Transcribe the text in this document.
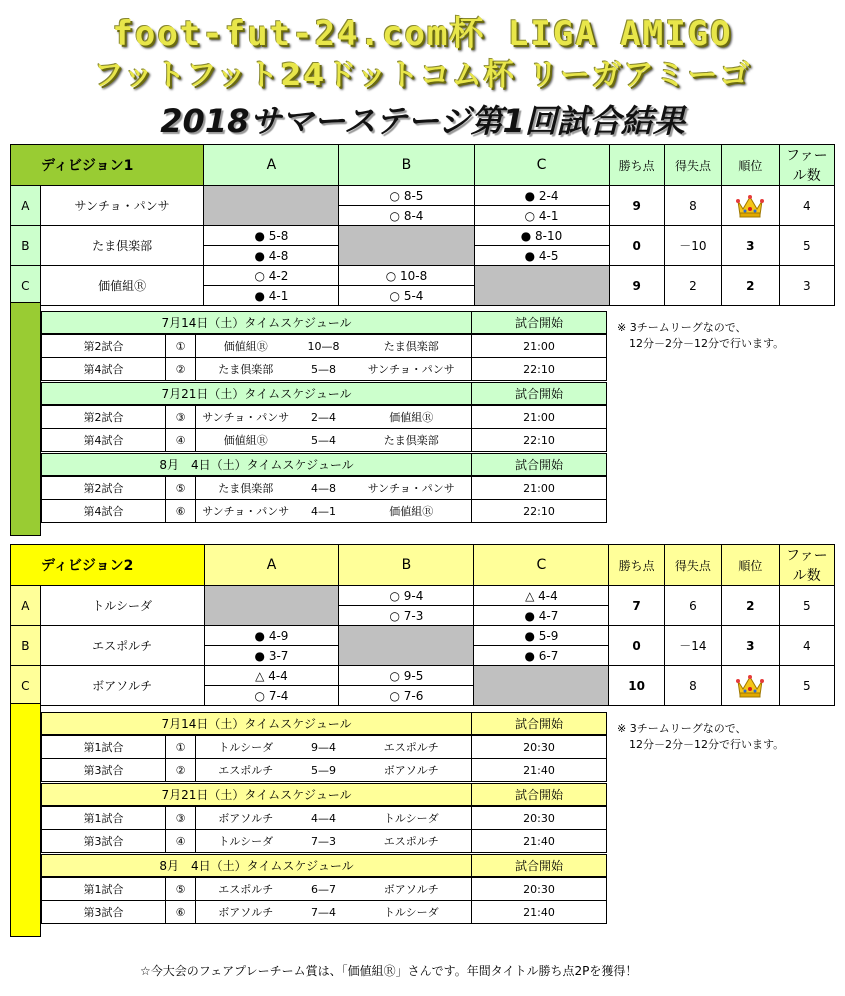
foot-fut-24.com杯 LIGA AMIGO
フットフット24ドットコム杯 リーガアミーゴ
2018サマーステージ第1回試合結果
ディビジョン1		A	B	C	勝ち点	得失点	順位	ファール数
A	サンチョ・パンサ		○ 8-5	● 2-4	9	8		4
			○ 8-4	○ 4-1				
B	たま倶楽部	● 5-8		● 8-10	0	－10	3	5
		● 4-8		● 4-5				
C	価値組Ⓡ	○ 4-2	○ 10-8		9	2	2	3
		● 4-1	○ 5-4					
7月14日（土）タイムスケジュール	試合開始
第2試合	①	価値組Ⓡ	10—8	たま倶楽部	21:00
第4試合	②	たま倶楽部	5—8	サンチョ・パンサ	22:10
7月21日（土）タイムスケジュール	試合開始
第2試合	③	サンチョ・パンサ	2—4	価値組Ⓡ	21:00
第4試合	④	価値組Ⓡ	5—4	たま倶楽部	22:10
8月　4日（土）タイムスケジュール	試合開始
第2試合	⑤	たま倶楽部	4—8	サンチョ・パンサ	21:00
第4試合	⑥	サンチョ・パンサ	4—1	価値組Ⓡ	22:10
※ 3チームリーグなので、
12分－2分－12分で行います。
ディビジョン2		A	B	C	勝ち点	得失点	順位	ファール数
A	トルシーダ		○ 9-4	△ 4-4	7	6	2	5
			○ 7-3	● 4-7				
B	エスポルチ	● 4-9		● 5-9	0	－14	3	4
		● 3-7		● 6-7				
C	ボアソルチ	△ 4-4	○ 9-5		10	8		5
		○ 7-4	○ 7-6					
7月14日（土）タイムスケジュール	試合開始
第1試合	①	トルシーダ	9—4	エスポルチ	20:30
第3試合	②	エスポルチ	5—9	ボアソルチ	21:40
7月21日（土）タイムスケジュール	試合開始
第1試合	③	ボアソルチ	4—4	トルシーダ	20:30
第3試合	④	トルシーダ	7—3	エスポルチ	21:40
8月　4日（土）タイムスケジュール	試合開始
第1試合	⑤	エスポルチ	6—7	ボアソルチ	20:30
第3試合	⑥	ボアソルチ	7—4	トルシーダ	21:40
※ 3チームリーグなので、
12分－2分－12分で行います。
☆今大会のフェアプレーチーム賞は、「価値組Ⓡ」さんです。年間タイトル勝ち点2Pを獲得！
